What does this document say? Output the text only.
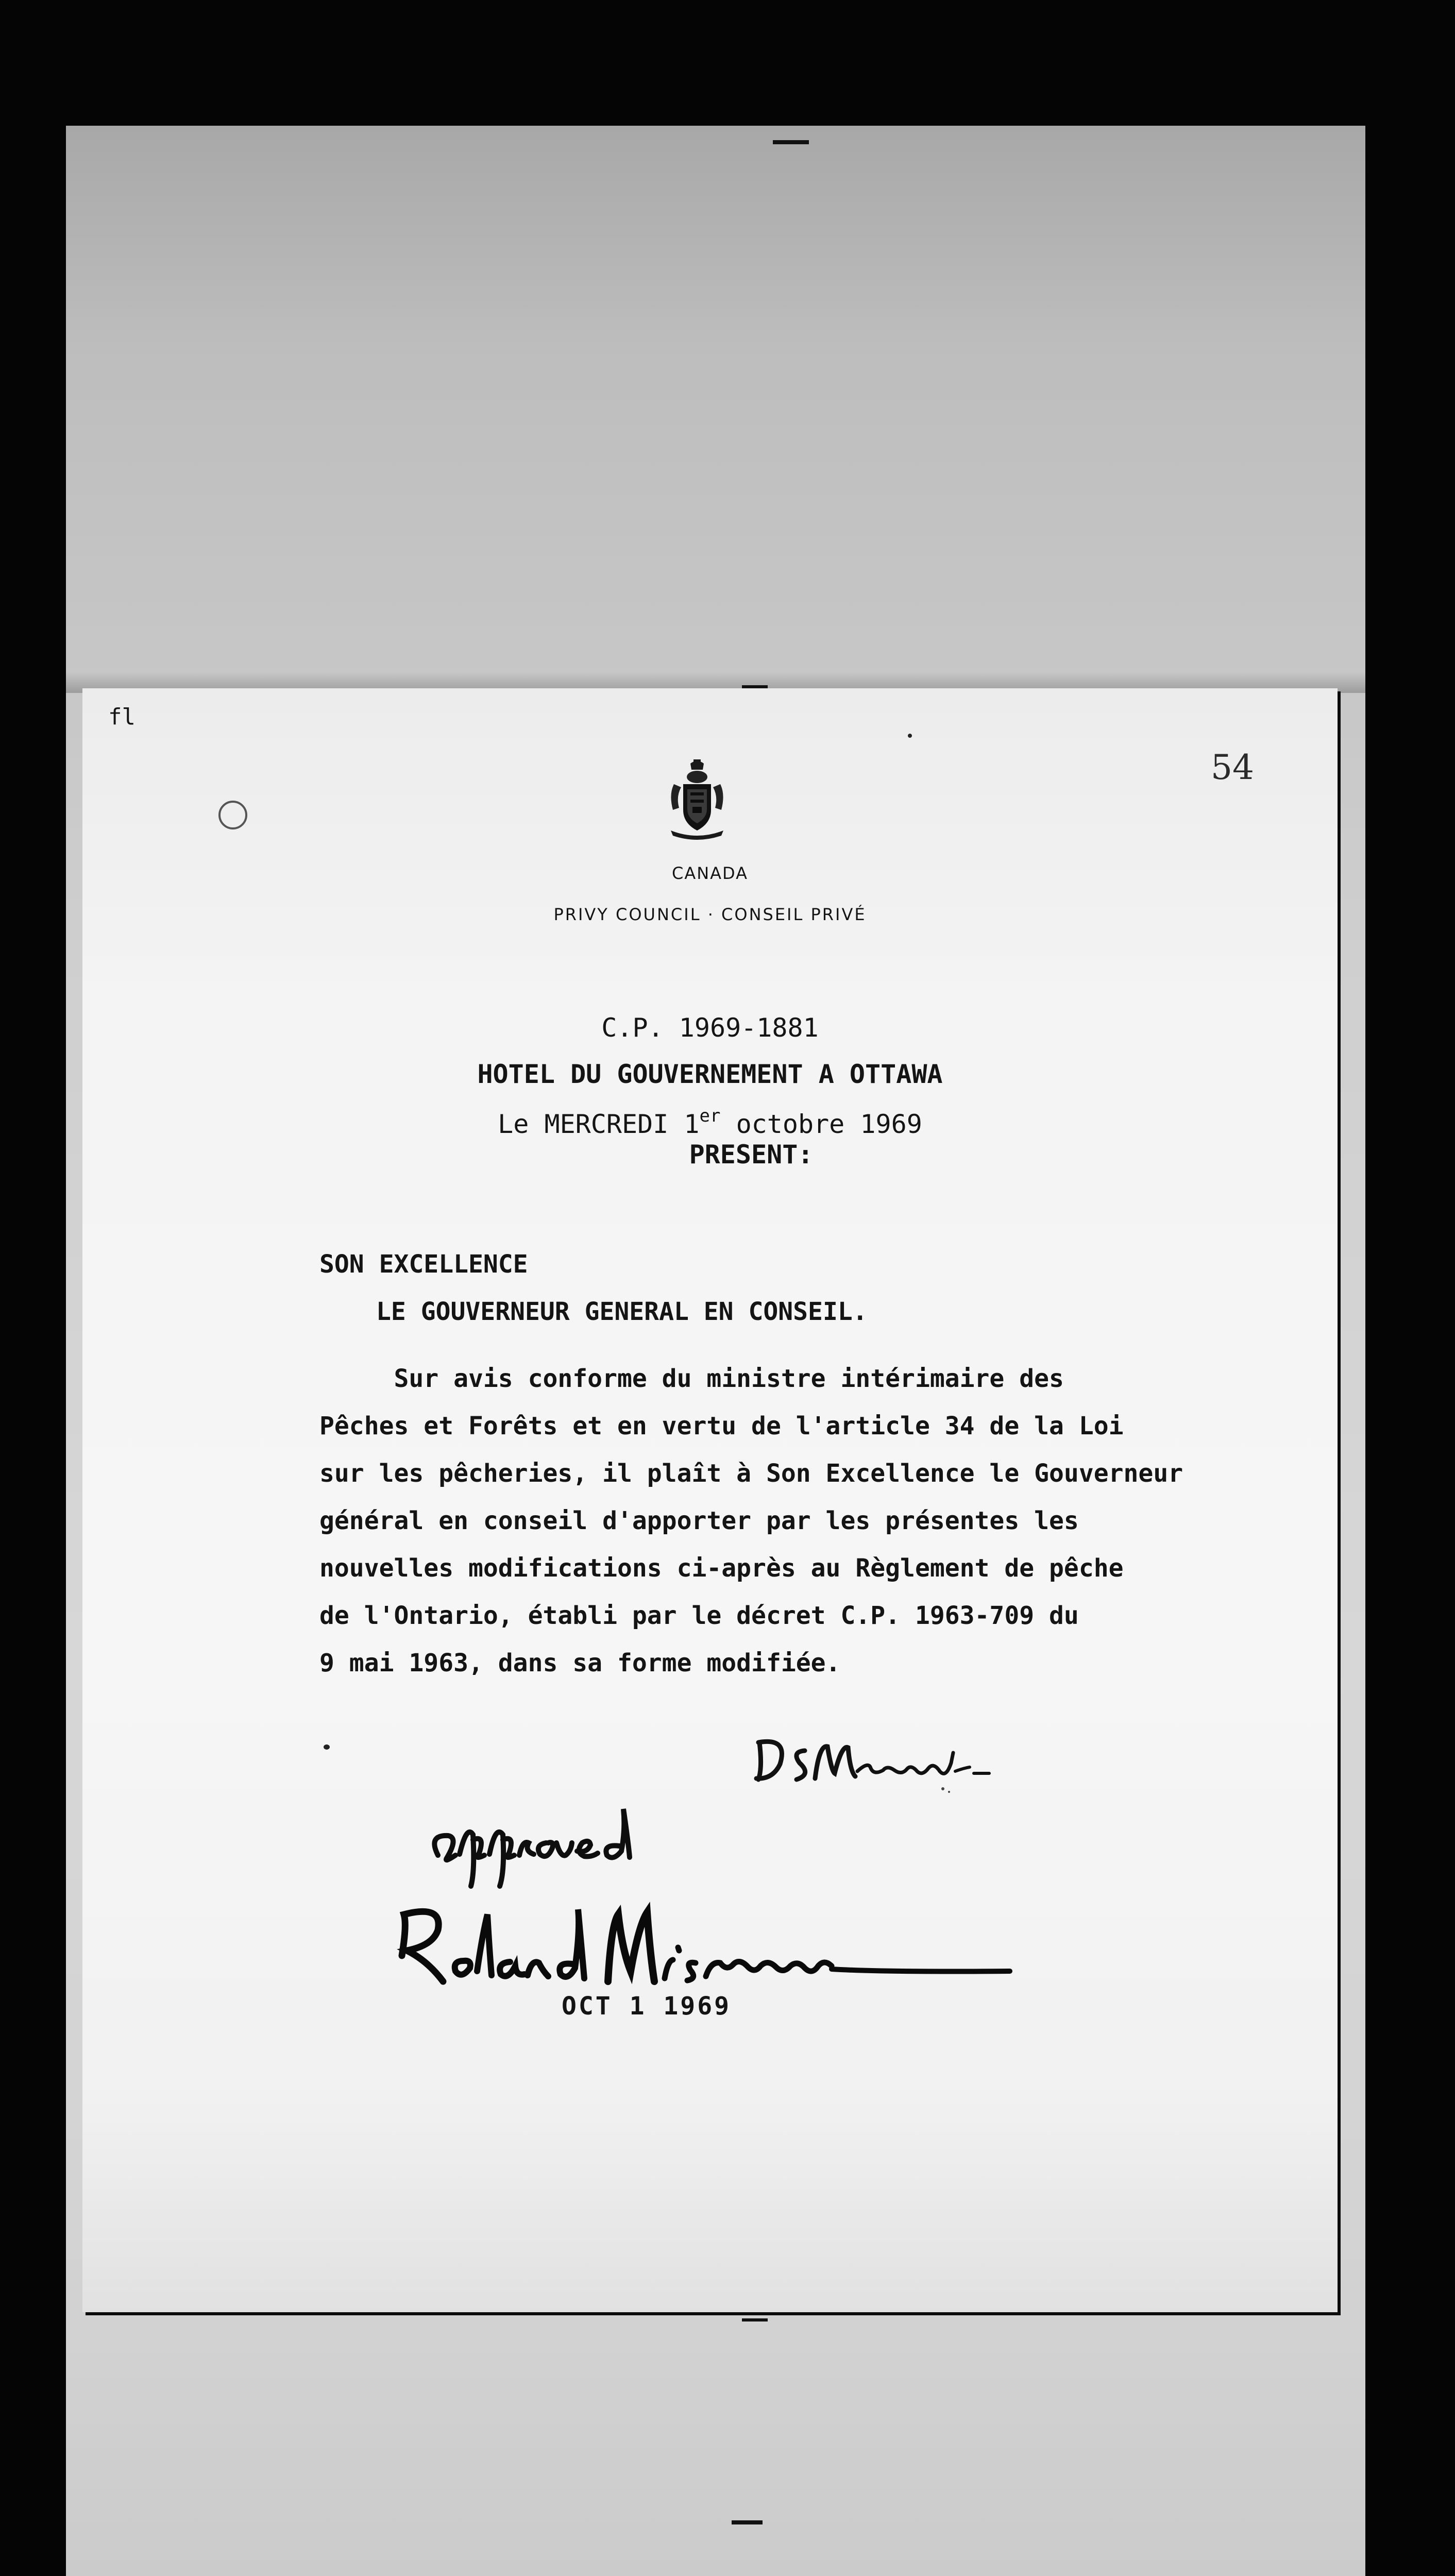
fl
54
CANADA
PRIVY COUNCIL · CONSEIL PRIVÉ
C.P. 1969-1881
HOTEL DU GOUVERNEMENT A OTTAWA
Le MERCREDI 1er octobre 1969
PRESENT:
SON EXCELLENCE
LE GOUVERNEUR GENERAL EN CONSEIL.
Sur avis conforme du ministre intérimaire des
Pêches et Forêts et en vertu de l'article 34 de la Loi
sur les pêcheries, il plaît à Son Excellence le Gouverneur
général en conseil d'apporter par les présentes les
nouvelles modifications ci-après au Règlement de pêche
de l'Ontario, établi par le décret C.P. 1963-709 du
9 mai 1963, dans sa forme modifiée.
OCT 1 1969
